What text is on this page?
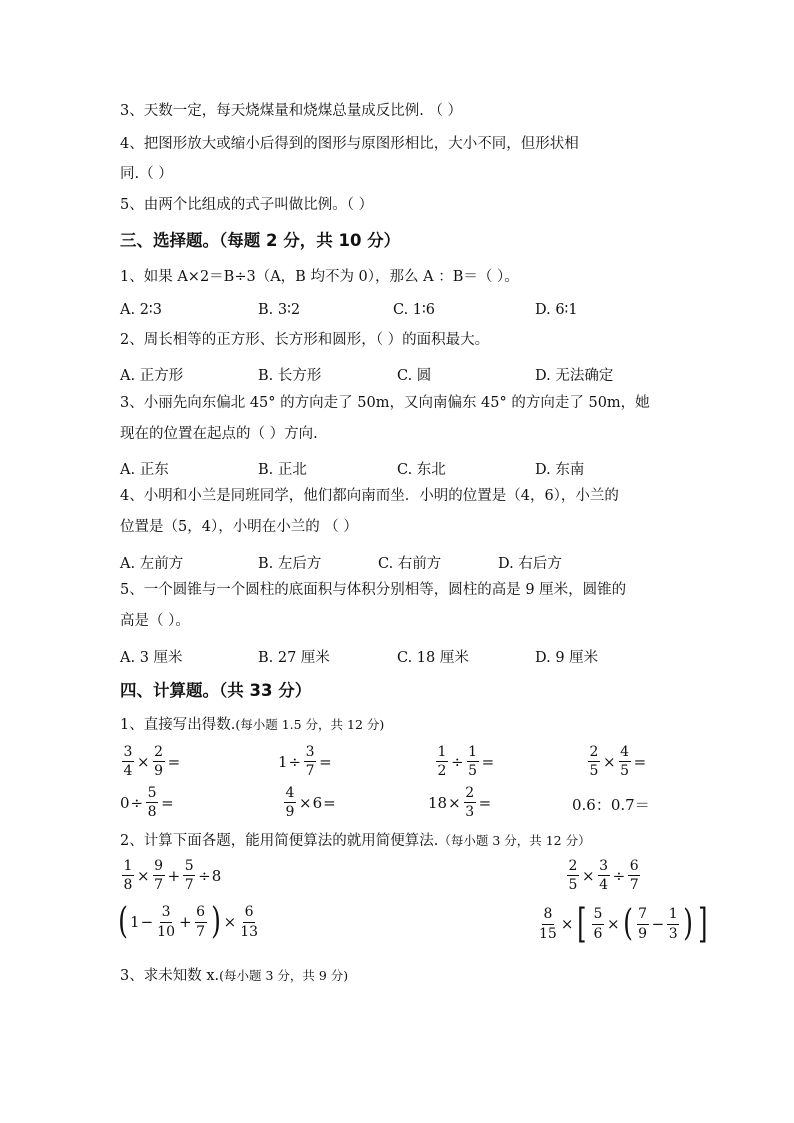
3、天数一定，每天烧煤量和烧煤总量成反比例. （ ）
4、把图形放大或缩小后得到的图形与原图形相比，大小不同，但形状相
同.（ ）
5、由两个比组成的式子叫做比例。（ ）
三、选择题。（每题 2 分，共 10 分）
1、如果 A×2＝B÷3（A，B 均不为 0），那么 A ：B＝（ ）。
A. 2∶3	B. 3∶2	C. 1∶6	D. 6∶1
2、周长相等的正方形、长方形和圆形，（ ）的面积最大。
A. 正方形	B. 长方形	C. 圆	D. 无法确定
3、小丽先向东偏北 45° 的方向走了 50m，又向南偏东 45° 的方向走了 50m，她
现在的位置在起点的（ ）方向.
A. 正东	B. 正北	C. 东北	D. 东南
4、小明和小兰是同班同学，他们都向南而坐．小明的位置是（4，6），小兰的
位置是（5，4），小明在小兰的 （ ）
A. 左前方	B. 左后方	C. 右前方	D. 右后方
5、一个圆锥与一个圆柱的底面积与体积分别相等，圆柱的高是 9 厘米，圆锥的
高是（ ）。
A. 3 厘米	B. 27 厘米	C. 18 厘米	D. 9 厘米
四、计算题。（共 33 分）
1、直接写出得数.(每小题 1.5 分，共 12 分)
$\frac{3}{4} \times \frac{2}{9}$ =	$1 \div \frac{3}{7}$ =	$\frac{1}{2} \div \frac{1}{5}$ =	$\frac{2}{5} \times \frac{4}{5}$ =
$0 \div \frac{5}{8}$ =	$\frac{4}{9} \times 6$ =	$18 \times \frac{2}{3}$ =	0.6：0.7＝
2、计算下面各题，能用简便算法的就用简便算法.（每小题 3 分，共 12 分）
$\frac{1}{8} \times \frac{9}{7} + \frac{5}{7} \div 8$	$\frac{2}{5} \times \frac{3}{4} \div \frac{6}{7}$
( $1 - \frac{3}{10} + \frac{6}{7}$ ) × $\frac{6}{13}$	$\frac{8}{15}$ × [ $\frac{5}{6}$ × ( $\frac{7}{9} - \frac{1}{3}$ ) ]
3、求未知数 x.(每小题 3 分，共 9 分)
